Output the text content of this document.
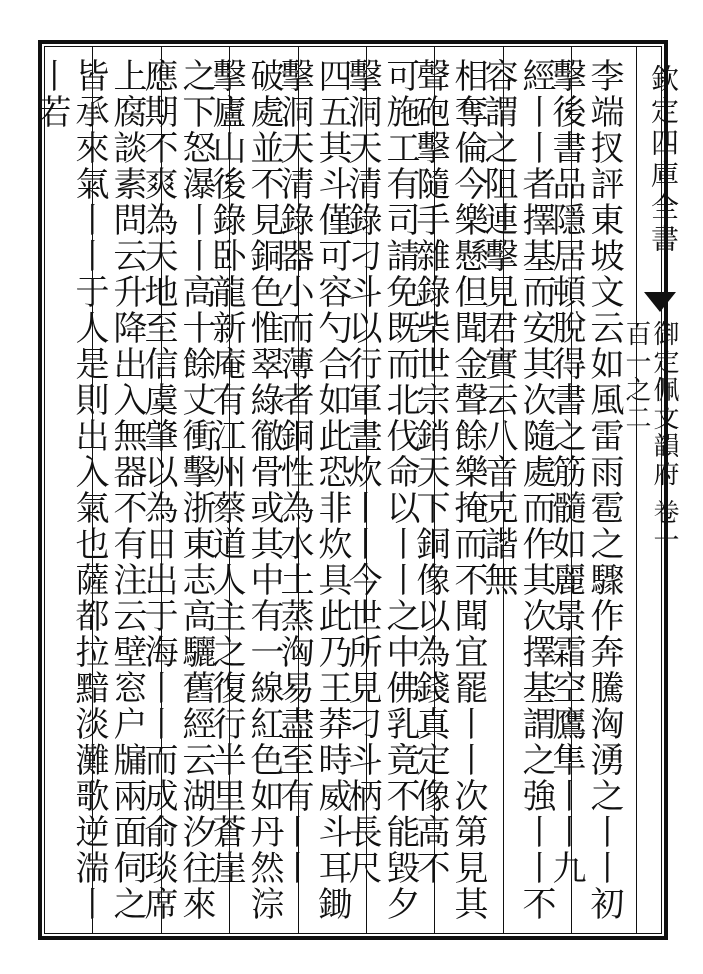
欽定四庫全書
御定佩文韻府 卷一百一之二
李端扠評東坡文云如風雷雨雹之驟作奔騰洶湧之丨丨初擊後書品隱居頓脫得書之筋髓如麗景霜空鷹隼丨丨九
經丨丨者擇基而安其次隨處而作其次擇基謂之強丨丨不容謂之阻連擊見君實云八音克諧無
相奪倫今樂懸但聞金聲餘樂掩而不聞宜罷丨丨次第見其聲砲擊隨手雜錄柴世宗銷天下銅像以為錢真定像高不
可施工有司請免既而北伐命以丨丨之中佛乳竟不能毀夕擊洞天清錄刁斗以行軍晝炊丨丨今世所見刁斗柄長尺
四五其斗僅可容勺合如此恐非炊具此乃王莽時威斗耳鋤擊洞天清錄器小而薄者銅性為水土蒸洶易盡至有丨丨
破處並不見銅色惟翠綠徹骨或其中有一線紅色如丹然淙擊廬山後錄卧龍新庵有江州蔡道人主之復行半里蒼崖
之下怒瀑丨丨高十餘丈衝擊浙東志高驪舊經云湖汐往來應期不爽為天地至信虞肇以為日出于海丨丨而成俞琰席
上腐談素問云升降出入無器不有注云壁窓户牖兩面伺之皆承來氣丨丨于人是則出入氣也薩都拉黯淡灘歌逆湍丨丨若
